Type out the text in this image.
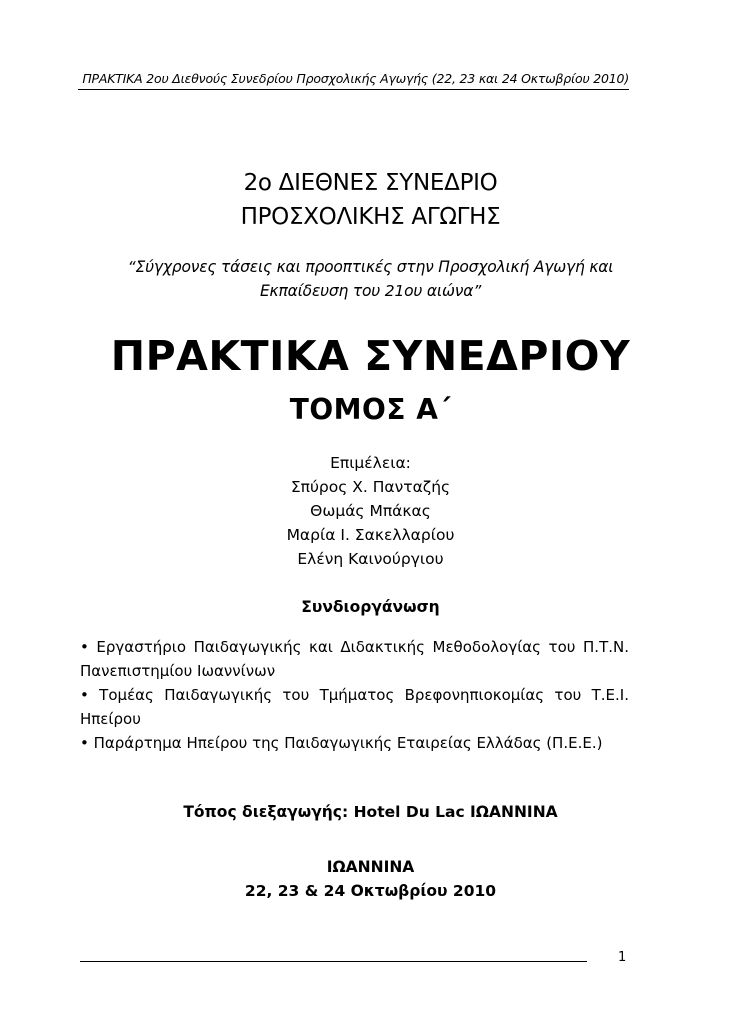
ΠΡΑΚΤΙΚΑ 2ου Διεθνούς Συνεδρίου Προσχολικής Αγωγής (22, 23 και 24 Οκτωβρίου 2010)
2ο ΔΙΕΘΝΕΣ ΣΥΝΕΔΡΙΟ
ΠΡΟΣΧΟΛΙΚΗΣ ΑΓΩΓΗΣ
“Σύγχρονες τάσεις και προοπτικές στην Προσχολική Αγωγή και
Εκπαίδευση του 21ου αιώνα”
ΠΡΑΚΤΙΚΑ ΣΥΝΕΔΡΙΟΥ
ΤΟΜΟΣ Α΄
Επιμέλεια:
Σπύρος Χ. Πανταζής
Θωμάς Μπάκας
Μαρία Ι. Σακελλαρίου
Ελένη Καινούργιου
Συνδιοργάνωση

• Εργαστήριο Παιδαγωγικής και Διδακτικής Μεθοδολογίας του Π.Τ.Ν. Πανεπιστημίου Ιωαννίνων

• Τομέας Παιδαγωγικής του Τμήματος Βρεφονηπιοκομίας του Τ.Ε.Ι. Ηπείρου

• Παράρτημα Ηπείρου της Παιδαγωγικής Εταιρείας Ελλάδας (Π.Ε.Ε.)

Τόπος διεξαγωγής: Hotel Du Lac ΙΩΑΝΝΙΝΑ
ΙΩΑΝΝΙΝΑ
22, 23 & 24 Οκτωβρίου 2010
1
